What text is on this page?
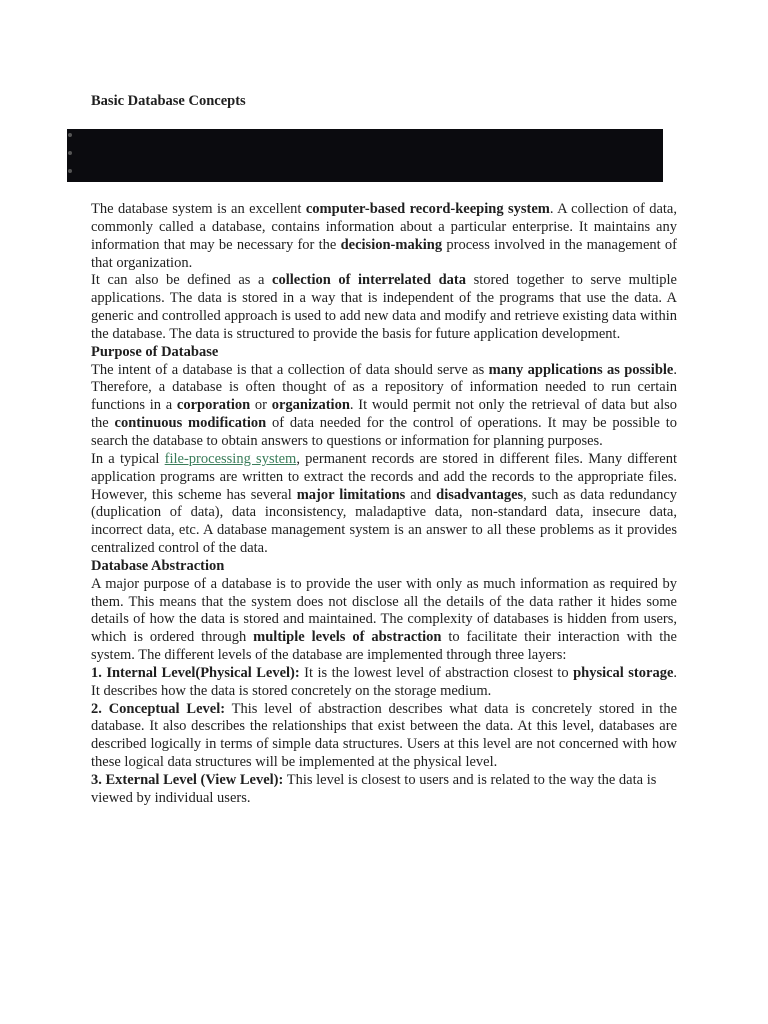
Basic Database Concepts

The database system is an excellent computer-based record-keeping system. A collection of data, commonly called a database, contains information about a particular enterprise. It maintains any information that may be necessary for the decision-making process involved in the management of that organization.

It can also be defined as a collection of interrelated data stored together to serve multiple applications. The data is stored in a way that is independent of the programs that use the data. A generic and controlled approach is used to add new data and modify and retrieve existing data within the database. The data is structured to provide the basis for future application development.

Purpose of Database

The intent of a database is that a collection of data should serve as many applications as possible. Therefore, a database is often thought of as a repository of information needed to run certain functions in a corporation or organization. It would permit not only the retrieval of data but also the continuous modification of data needed for the control of operations. It may be possible to search the database to obtain answers to questions or information for planning purposes.

In a typical file-processing system, permanent records are stored in different files. Many different application programs are written to extract the records and add the records to the appropriate files. However, this scheme has several major limitations and disadvantages, such as data redundancy (duplication of data), data inconsistency, maladaptive data, non-standard data, insecure data, incorrect data, etc. A database management system is an answer to all these problems as it provides centralized control of the data.

Database Abstraction

A major purpose of a database is to provide the user with only as much information as required by them. This means that the system does not disclose all the details of the data rather it hides some details of how the data is stored and maintained. The complexity of databases is hidden from users, which is ordered through multiple levels of abstraction to facilitate their interaction with the system. The different levels of the database are implemented through three layers:

1. Internal Level(Physical Level): It is the lowest level of abstraction closest to physical storage. It describes how the data is stored concretely on the storage medium.

2. Conceptual Level: This level of abstraction describes what data is concretely stored in the database. It also describes the relationships that exist between the data. At this level, databases are described logically in terms of simple data structures. Users at this level are not concerned with how these logical data structures will be implemented at the physical level.

3. External Level (View Level): This level is closest to users and is related to the way the data is viewed by individual users.
